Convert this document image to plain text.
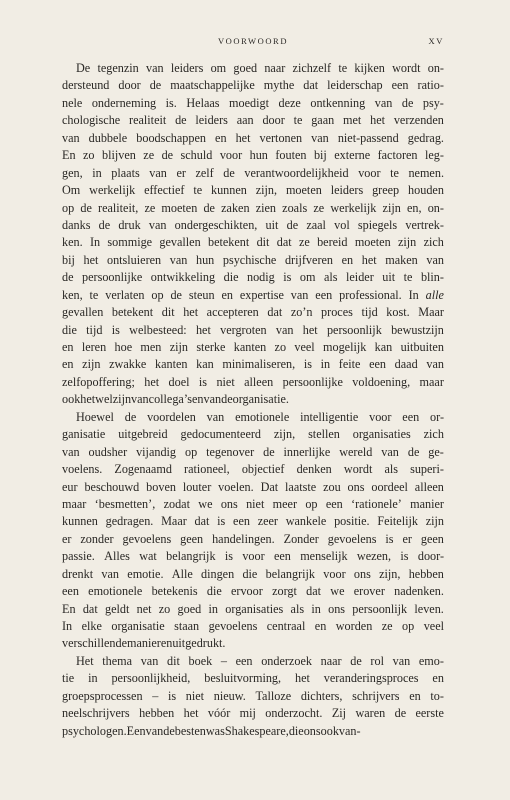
VOORWOORD	XV
De tegenzin van leiders om goed naar zichzelf te kijken wordt on-
dersteund door de maatschappelijke mythe dat leiderschap een ratio-
nele onderneming is. Helaas moedigt deze ontkenning van de psy-
chologische realiteit de leiders aan door te gaan met het verzenden
van dubbele boodschappen en het vertonen van niet-passend gedrag.
En zo blijven ze de schuld voor hun fouten bij externe factoren leg-
gen, in plaats van er zelf de verantwoordelijkheid voor te nemen.
Om werkelijk effectief te kunnen zijn, moeten leiders greep houden
op de realiteit, ze moeten de zaken zien zoals ze werkelijk zijn en, on-
danks de druk van ondergeschikten, uit de zaal vol spiegels vertrek-
ken. In sommige gevallen betekent dit dat ze bereid moeten zijn zich
bij het ontsluieren van hun psychische drijfveren en het maken van
de persoonlijke ontwikkeling die nodig is om als leider uit te blin-
ken, te verlaten op de steun en expertise van een professional. In alle
gevallen betekent dit het accepteren dat zo’n proces tijd kost. Maar
die tijd is welbesteed: het vergroten van het persoonlijk bewustzijn
en leren hoe men zijn sterke kanten zo veel mogelijk kan uitbuiten
en zijn zwakke kanten kan minimaliseren, is in feite een daad van
zelfopoffering; het doel is niet alleen persoonlijke voldoening, maar
ook het welzijn van collega’s en van de organisatie.
Hoewel de voordelen van emotionele intelligentie voor een or-
ganisatie uitgebreid gedocumenteerd zijn, stellen organisaties zich
van oudsher vijandig op tegenover de innerlijke wereld van de ge-
voelens. Zogenaamd rationeel, objectief denken wordt als superi-
eur beschouwd boven louter voelen. Dat laatste zou ons oordeel alleen
maar ‘besmetten’, zodat we ons niet meer op een ‘rationele’ manier
kunnen gedragen. Maar dat is een zeer wankele positie. Feitelijk zijn
er zonder gevoelens geen handelingen. Zonder gevoelens is er geen
passie. Alles wat belangrijk is voor een menselijk wezen, is door-
drenkt van emotie. Alle dingen die belangrijk voor ons zijn, hebben
een emotionele betekenis die ervoor zorgt dat we erover nadenken.
En dat geldt net zo goed in organisaties als in ons persoonlijk leven.
In elke organisatie staan gevoelens centraal en worden ze op veel
verschillende manieren uitgedrukt.
Het thema van dit boek – een onderzoek naar de rol van emo-
tie in persoonlijkheid, besluitvorming, het veranderingsproces en
groepsprocessen – is niet nieuw. Talloze dichters, schrijvers en to-
neelschrijvers hebben het vóór mij onderzocht. Zij waren de eerste
psychologen. Een van de besten was Shakespeare, die ons ook van-
